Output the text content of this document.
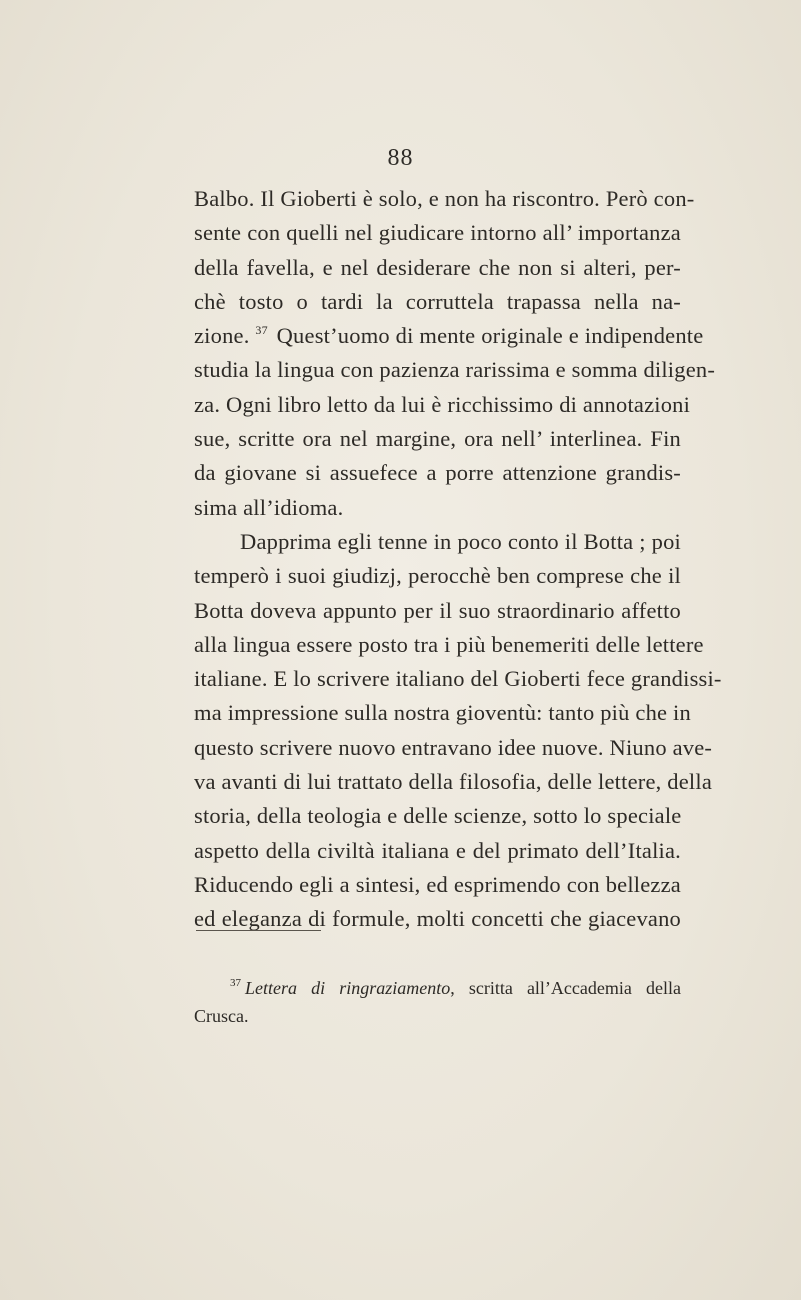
88
Balbo. Il Gioberti è solo, e non ha riscontro. Però con-
sente con quelli nel giudicare intorno all’ importanza
della favella, e nel desiderare che non si alteri, per-
chè tosto o tardi la corruttela trapassa nella na-
zione. $^{37}$ Quest’uomo di mente originale e indipendente
studia la lingua con pazienza rarissima e somma diligen-
za. Ogni libro letto da lui è ricchissimo di annotazioni
sue, scritte ora nel margine, ora nell’ interlinea. Fin
da giovane si assuefece a porre attenzione grandis-
sima all’idioma.
Dapprima egli tenne in poco conto il Botta ; poi
temperò i suoi giudizj, perocchè ben comprese che il
Botta doveva appunto per il suo straordinario affetto
alla lingua essere posto tra i più benemeriti delle lettere
italiane. E lo scrivere italiano del Gioberti fece grandissi-
ma impressione sulla nostra gioventù: tanto più che in
questo scrivere nuovo entravano idee nuove. Niuno ave-
va avanti di lui trattato della filosofia, delle lettere, della
storia, della teologia e delle scienze, sotto lo speciale
aspetto della civiltà italiana e del primato dell’Italia.
Riducendo egli a sintesi, ed esprimendo con bellezza
ed eleganza di formule, molti concetti che giacevano
$^{37}$ Lettera di ringraziamento, scritta all’Accademia della
Crusca.
